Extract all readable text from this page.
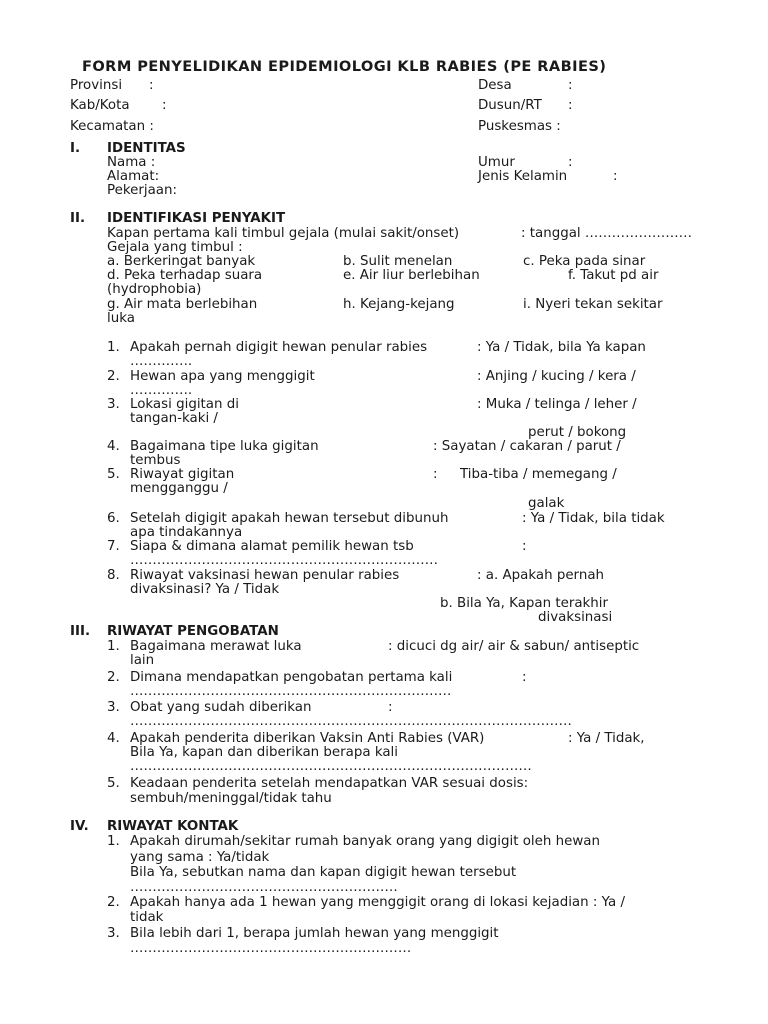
FORM PENYELIDIKAN EPIDEMIOLOGI KLB RABIES (PE RABIES)
Provinsi :	Desa	:
Kab/Kota :	Dusun/RT :
Kecamatan :	Puskesmas :
I. IDENTITAS
Nama :	Umur	:
Alamat:	Jenis Kelamin	:
Pekerjaan:
II. IDENTIFIKASI PENYAKIT
Kapan pertama kali timbul gejala (mulai sakit/onset)	: tanggal ……………………
Gejala yang timbul :
a. Berkeringat banyak	b. Sulit menelan	c. Peka pada sinar
d. Peka terhadap suara	e. Air liur berlebihan	f. Takut pd air
(hydrophobia)
g. Air mata berlebihan	h. Kejang-kejang	i. Nyeri tekan sekitar
luka
1. Apakah pernah digigit hewan penular rabies	: Ya / Tidak, bila Ya kapan
…………..
2. Hewan apa yang menggigit	: Anjing / kucing / kera /
…………..
3. Lokasi gigitan di	: Muka / telinga / leher /
tangan-kaki /
perut / bokong
4. Bagaimana tipe luka gigitan	: Sayatan / cakaran / parut /
tembus
5. Riwayat gigitan	: Tiba-tiba / memegang /
mengganggu /
galak
6. Setelah digigit apakah hewan tersebut dibunuh	: Ya / Tidak, bila tidak
apa tindakannya
7. Siapa & dimana alamat pemilik hewan tsb	:
……………………………………………………………
8. Riwayat vaksinasi hewan penular rabies	: a. Apakah pernah
divaksinasi? Ya / Tidak
b. Bila Ya, Kapan terakhir
divaksinasi
III. RIWAYAT PENGOBATAN
1. Bagaimana merawat luka	: dicuci dg air/ air & sabun/ antiseptic
lain
2. Dimana mendapatkan pengobatan pertama kali	:
………………………………………………………………
3. Obat yang sudah diberikan	:
………………………………………………………………………………………
4. Apakah penderita diberikan Vaksin Anti Rabies (VAR)	: Ya / Tidak,
Bila Ya, kapan dan diberikan berapa kali
………………………………………………………………………………
5. Keadaan penderita setelah mendapatkan VAR sesuai dosis:
sembuh/meninggal/tidak tahu
IV. RIWAYAT KONTAK
1. Apakah dirumah/sekitar rumah banyak orang yang digigit oleh hewan
yang sama : Ya/tidak
Bila Ya, sebutkan nama dan kapan digigit hewan tersebut
……………………………………………………
2. Apakah hanya ada 1 hewan yang menggigit orang di lokasi kejadian : Ya /
tidak
3. Bila lebih dari 1, berapa jumlah hewan yang menggigit
………………………………………………………
